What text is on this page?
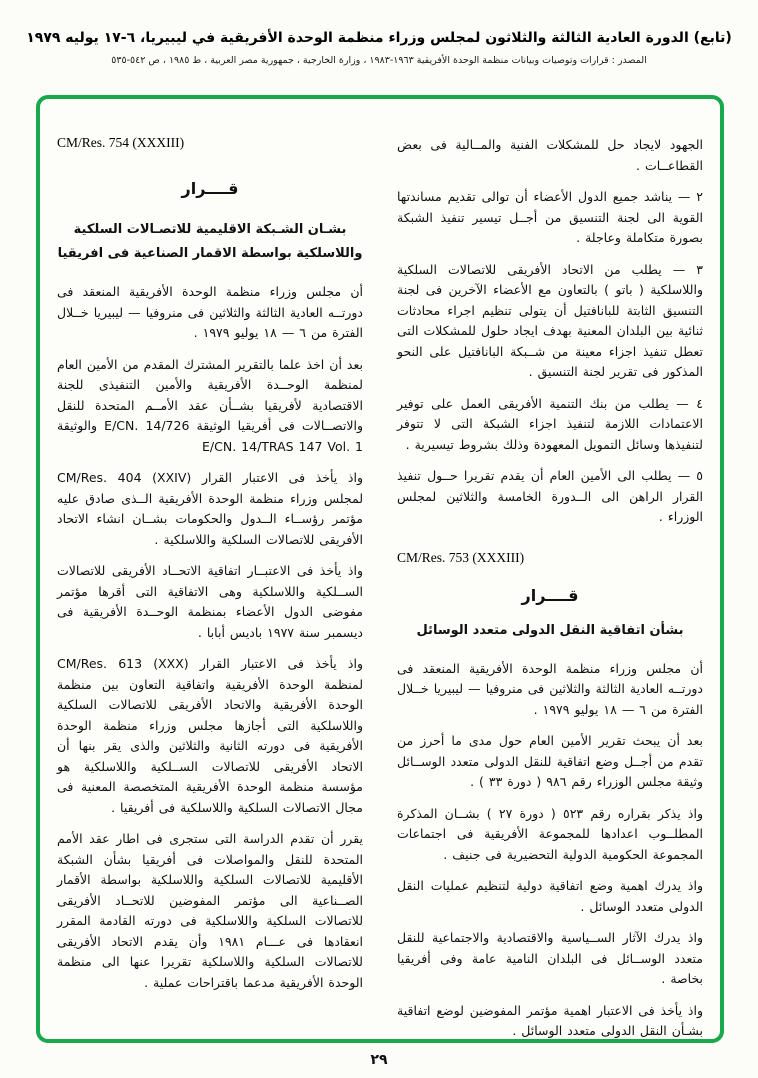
(تابع) الدورة العادية الثالثة والثلاثون لمجلس وزراء منظمة الوحدة الأفريقية في ليبيريا، ٦-١٧ يوليه ١٩٧٩
المصدر : قرارات وتوصيات وبيانات منظمة الوحدة الأفريقية ١٩٦٣-١٩٨٣ ، وزارة الخارجية ، جمهورية مصر العربية ، ط ١٩٨٥ ، ص ٥٤٢-٥٣٥

الجهود لايجاد حل للمشكلات الفنية والمــالية فى بعض القطاعــات .

٢ — يناشد جميع الدول الأعضاء أن توالى تقديم مساندتها القوية الى لجنة التنسيق من أجــل تيسير تنفيذ الشبكة بصورة متكاملة وعاجلة .

٣ — يطلب من الاتحاد الأفريقى للاتصالات السلكية واللاسلكية ( باتو ) بالتعاون مع الأعضاء الآخرين فى لجنة التنسيق الثابتة للبانافتيل أن يتولى تنظيم اجراء محادثات ثنائية بين البلدان المعنية بهدف ايجاد حلول للمشكلات التى تعطل تنفيذ اجزاء معينة من شــبكة البانافتيل على النحو المذكور فى تقرير لجنة التنسيق .

٤ — يطلب من بنك التنمية الأفريقى العمل على توفير الاعتمادات اللازمة لتنفيذ اجزاء الشبكة التى لا تتوفر لتنفيذها وسائل التمويل المعهودة وذلك بشروط تيسيرية .

٥ — يطلب الى الأمين العام أن يقدم تقريرا حــول تنفيذ القرار الراهن الى الــدورة الخامسة والثلاثين لمجلس الوزراء .

CM/Res. 753 (XXXIII)
قــــرار
بشأن اتفاقية النقل الدولى متعدد الوسائل

أن مجلس وزراء منظمة الوحدة الأفريقية المنعقد فى دورتــه العادية الثالثة والثلاثين فى منروفيا — ليبيريا خــلال الفترة من ٦ — ١٨ يوليو ١٩٧٩ .

بعد أن يبحث تقرير الأمين العام حول مدى ما أحرز من تقدم من أجــل وضع اتفاقية للنقل الدولى متعدد الوســائل وثيقة مجلس الوزراء رقم ٩٨٦ ( دورة ٣٣ ) .

واذ يذكر بقراره رقم ٥٢٣ ( دورة ٢٧ ) بشــان المذكرة المطلــوب اعدادها للمجموعة الأفريقية فى اجتماعات المجموعة الحكومية الدولية التحضيرية فى جنيف .

واذ يدرك اهمية وضع اتفاقية دولية لتنظيم عمليات النقل الدولى متعدد الوسائل .

واذ يدرك الآثار الســياسية والاقتصادية والاجتماعية للنقل متعدد الوســائل فى البلدان النامية عامة وفى أفريقيا بخاصة .

واذ يأخذ فى الاعتبار اهمية مؤتمر المفوضين لوضع اتفاقية بشـأن النقل الدولى متعدد الوسائل .

CM/Res. 754 (XXXIII)
قــــرار
بشـان الشـبكة الاقليمية للاتصـالات السلكية
واللاسلكية بواسطة الاقمار الصناعية فى افريقيا

أن مجلس وزراء منظمة الوحدة الأفريقية المنعقد فى دورتــه العادية الثالثة والثلاثين فى منروفيا — ليبيريا خــلال الفترة من ٦ — ١٨ يوليو ١٩٧٩ .

بعد أن اخذ علما بالتقرير المشترك المقدم من الأمين العام لمنظمة الوحــدة الأفريقية والأمين التنفيذى للجنة الاقتصادية لأفريقيا بشــأن عقد الأمــم المتحدة للنقل والاتصــالات فى أفريقيا الوثيقة E/CN. 14/726 والوثيقة E/CN. 14/TRAS 147 Vol. 1

واذ يأخذ فى الاعتبار القرار CM/Res. 404 (XXIV) لمجلس وزراء منظمة الوحدة الأفريقية الــذى صادق عليه مؤتمر رؤســاء الــدول والحكومات بشــان انشاء الاتحاد الأفريقى للاتصالات السلكية واللاسلكية .

واذ يأخذ فى الاعتبــار اتفاقية الاتحــاد الأفريقى للاتصالات الســلكية واللاسلكية وهى الاتفاقية التى أقرها مؤتمر مفوضى الدول الأعضاء بمنظمة الوحــدة الأفريقية فى ديسمبر سنة ١٩٧٧ باديس أبابا .

واذ يأخذ فى الاعتبار القرار CM/Res. 613 (XXX) لمنظمة الوحدة الأفريقية واتفاقية التعاون بين منظمة الوحدة الأفريقية والاتحاد الأفريقى للاتصالات السلكية واللاسلكية التى أجازها مجلس وزراء منظمة الوحدة الأفريقية فى دورته الثانية والثلاثين والذى يقر بنها أن الاتحاد الأفريقى للاتصالات الســلكية واللاسلكية هو مؤسسة منظمة الوحدة الأفريقية المتخصصة المعنية فى مجال الاتصالات السلكية واللاسلكية فى أفريقيا .

يقرر أن تقدم الدراسة التى ستجرى فى اطار عقد الأمم المتحدة للنقل والمواصلات فى أفريقيا بشأن الشبكة الأقليمية للاتصالات السلكية واللاسلكية بواسطة الأقمار الصــناعية الى مؤتمر المفوضين للاتحــاد الأفريقى للاتصالات السلكية واللاسلكية فى دورته القادمة المقرر انعقادها فى عـــام ١٩٨١ وأن يقدم الاتحاد الأفريقى للاتصالات السلكية واللاسلكية تقريرا عنها الى منظمة الوحدة الأفريقية مدعما باقتراحات عملية .

٢٩
